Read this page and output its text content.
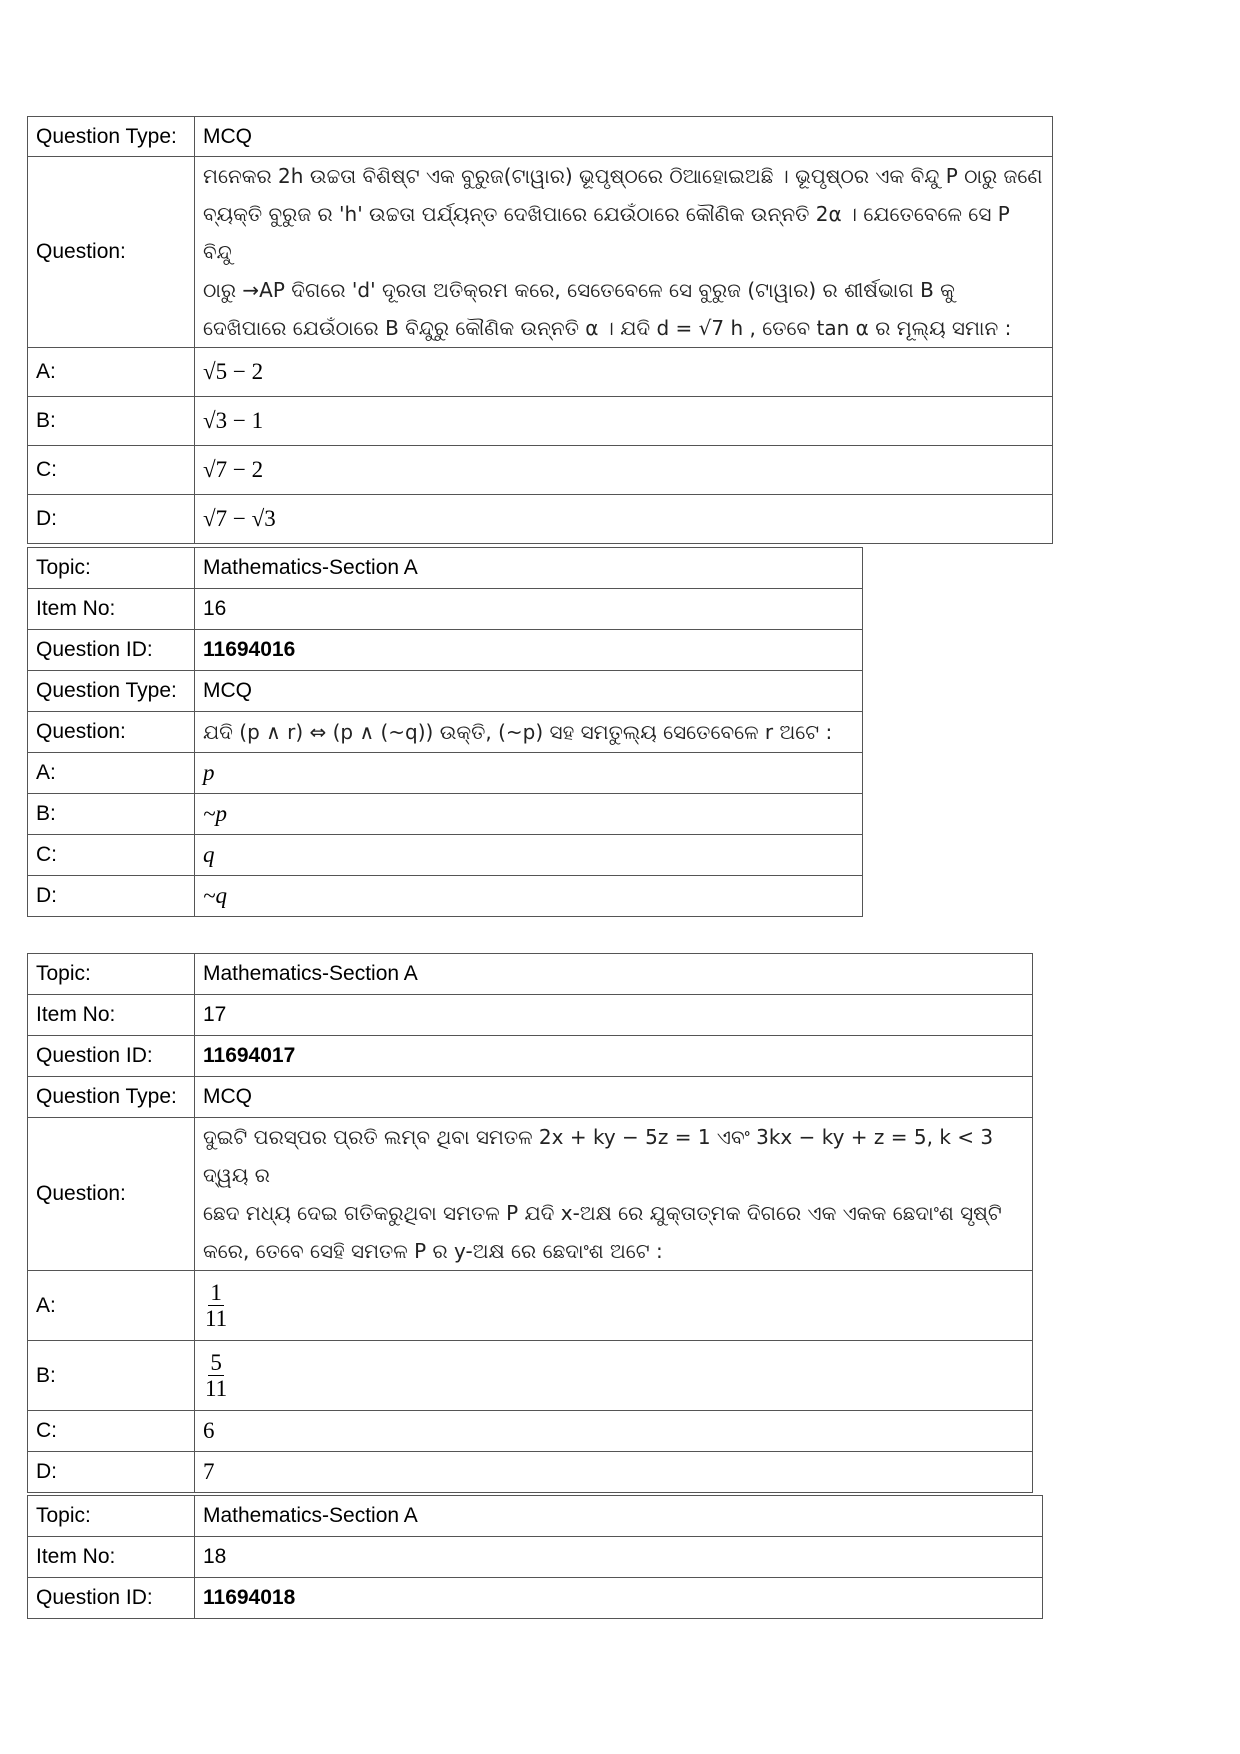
Question Type:	MCQ
Question:	ମନେକର 2h ଉଚ୍ଚତା ବିଶିଷ୍ଟ ଏକ ବୁରୁଜ(ଟାୱାର) ଭୂପୃଷ୍ଠରେ ଠିଆହୋଇଅଛି । ଭୂପୃଷ୍ଠର ଏକ ବିନ୍ଦୁ P ଠାରୁ ଜଣେ
ବ୍ୟକ୍ତି ବୁରୁଜ ର 'h' ଉଚ୍ଚତା ପର୍ଯ୍ୟନ୍ତ ଦେଖିପାରେ ଯେଉଁଠାରେ କୌଣିକ ଉନ୍ନତି 2α । ଯେତେବେଳେ ସେ P ବିନ୍ଦୁ
ଠାରୁ →AP ଦିଗରେ 'd' ଦୂରତା ଅତିକ୍ରମ କରେ, ସେତେବେଳେ ସେ ବୁରୁଜ (ଟାୱାର) ର ଶୀର୍ଷଭାଗ B କୁ
ଦେଖିପାରେ ଯେଉଁଠାରେ B ବିନ୍ଦୁରୁ କୌଣିକ ଉନ୍ନତି α । ଯଦି d = √7 h , ତେବେ tan α ର ମୂଲ୍ୟ ସମାନ :

A:	√5 − 2
B:	√3 − 1
C:	√7 − 2
D:	√7 − √3
Topic:	Mathematics-Section A
Item No:	16
Question ID:	11694016
Question Type:	MCQ
Question:	ଯଦି (p ∧ r) ⇔ (p ∧ (~q)) ଉକ୍ତି, (~p) ସହ ସମତୁଲ୍ୟ ସେତେବେଳେ r ଅଟେ :
A:	p
B:	~p
C:	q
D:	~q
Topic:	Mathematics-Section A
Item No:	17
Question ID:	11694017
Question Type:	MCQ
Question:	ଦୁଇଟି ପରସ୍ପର ପ୍ରତି ଲମ୍ବ ଥିବା ସମତଳ 2x + ky − 5z = 1 ଏବଂ 3kx − ky + z = 5, k < 3 ଦ୍ୱୟ ର
ଛେଦ ମଧ୍ୟ ଦେଇ ଗତିକରୁଥିବା ସମତଳ P ଯଦି x-ଅକ୍ଷ ରେ ଯୁକ୍ତାତ୍ମକ ଦିଗରେ ଏକ ଏକକ ଛେଦାଂଶ ସୃଷ୍ଟି
କରେ, ତେବେ ସେହି ସମତଳ P ର y-ଅକ୍ଷ ରେ ଛେଦାଂଶ ଅଟେ :

A:	$\frac{1}{11}$

B:	$\frac{5}{11}$

C:	6
D:	7
Topic:	Mathematics-Section A
Item No:	18
Question ID:	11694018
